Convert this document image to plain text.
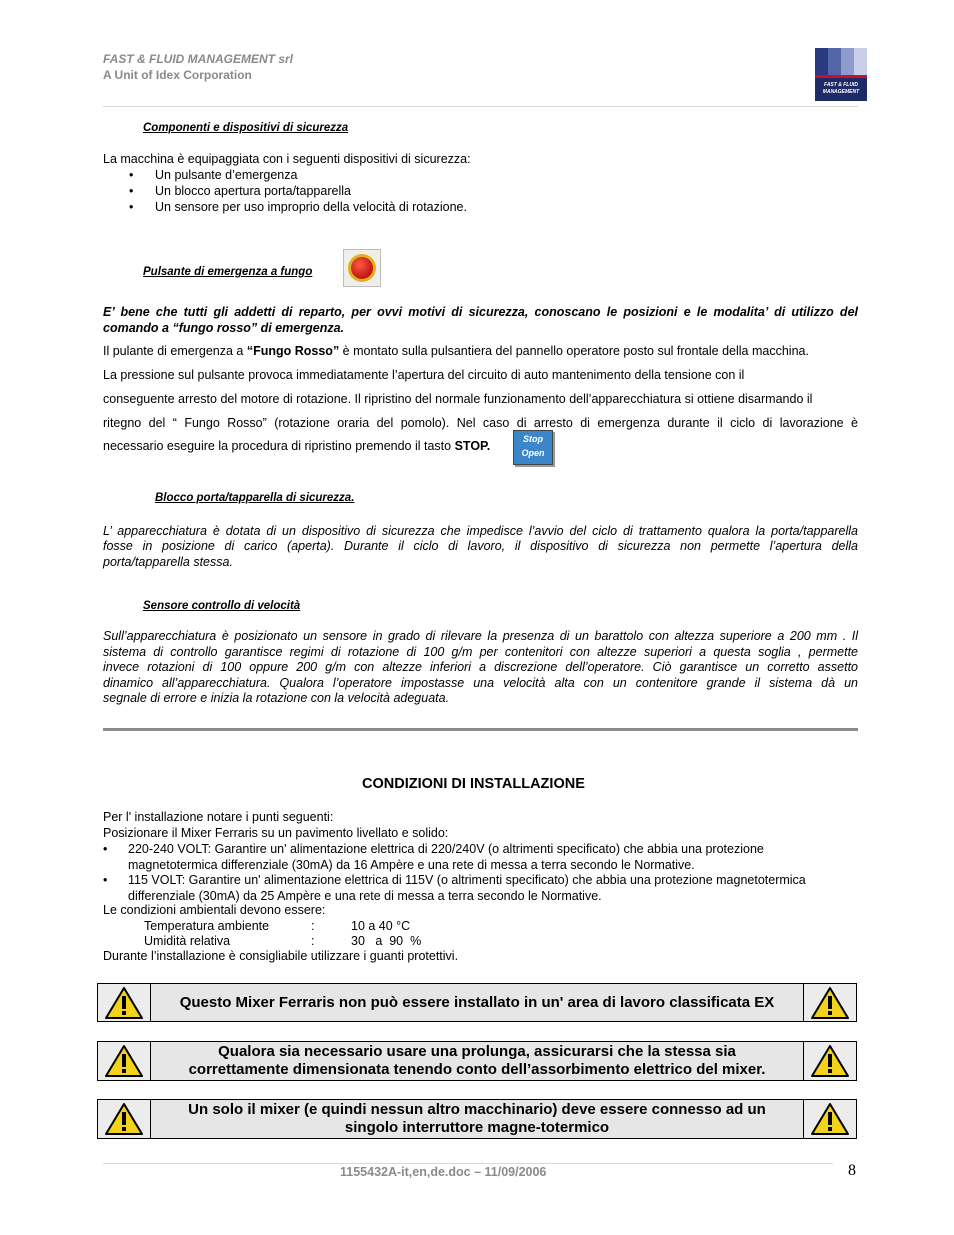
FAST & FLUID MANAGEMENT srl
A Unit of Idex Corporation
FAST & FLUID
MANAGEMENT
Componenti e dispositivi di sicurezza
La macchina è equipaggiata con i seguenti dispositivi di sicurezza:
• Un pulsante d’emergenza
• Un blocco apertura porta/tapparella
• Un sensore per uso improprio della velocità di rotazione.
Pulsante di emergenza a fungo
E’ bene che tutti gli addetti di reparto, per ovvi motivi di sicurezza, conoscano le posizioni e le modalita’ di utilizzo del
comando a “fungo rosso” di emergenza.
Il pulante di emergenza a “Fungo Rosso” è montato sulla pulsantiera del pannello operatore posto sul frontale della macchina.
La pressione sul pulsante provoca immediatamente l’apertura del circuito di auto mantenimento della tensione con il
conseguente arresto del motore di rotazione. Il ripristino del normale funzionamento dell’apparecchiatura si ottiene disarmando il
ritegno del “ Fungo Rosso” (rotazione oraria del pomolo). Nel caso di arresto di emergenza durante il ciclo di lavorazione è
necessario eseguire la procedura di ripristino premendo il tasto STOP.	Stop
Open
Blocco porta/tapparella di sicurezza.
L’ apparecchiatura è dotata di un dispositivo di sicurezza che impedisce l’avvio del ciclo di trattamento qualora la porta/tapparella
fosse in posizione di carico (aperta). Durante il ciclo di lavoro, il dispositivo di sicurezza non permette l’apertura della
porta/tapparella stessa.
Sensore controllo di velocità
Sull’apparecchiatura è posizionato un sensore in grado di rilevare la presenza di un barattolo con altezza superiore a 200 mm . Il
sistema di controllo garantisce regimi di rotazione di 100 g/m per contenitori con altezze superiori a questa soglia , permette
invece rotazioni di 100 oppure 200 g/m con altezze inferiori a discrezione dell’operatore. Ciò garantisce un corretto assetto
dinamico all’apparecchiatura. Qualora l’operatore impostasse una velocità alta con un contenitore grande il sistema dà un
segnale di errore e inizia la rotazione con la velocità adeguata.
CONDIZIONI DI INSTALLAZIONE
Per l' installazione notare i punti seguenti:
Posizionare il Mixer Ferraris su un pavimento livellato e solido:
• 220-240 VOLT: Garantire un' alimentazione elettrica di 220/240V (o altrimenti specificato) che abbia una protezione
magnetotermica differenziale (30mA) da 16 Ampère e una rete di messa a terra secondo le Normative.
• 115 VOLT: Garantire un' alimentazione elettrica di 115V (o altrimenti specificato) che abbia una protezione magnetotermica
differenziale (30mA) da 25 Ampère e una rete di messa a terra secondo le Normative.
Le condizioni ambientali devono essere:
Temperatura ambiente	:	10 a 40 °C
Umidità relativa	:	30   a  90  %
Durante l’installazione è consigliabile utilizzare i guanti protettivi.
Questo Mixer Ferraris non può essere installato in un' area di lavoro classificata EX
Qualora sia necessario usare una prolunga, assicurarsi che la stessa sia
correttamente dimensionata tenendo conto dell’assorbimento elettrico del mixer.
Un solo il mixer (e quindi nessun altro macchinario) deve essere connesso ad un
singolo interruttore magne-totermico
1155432A-it,en,de.doc – 11/09/2006	8
